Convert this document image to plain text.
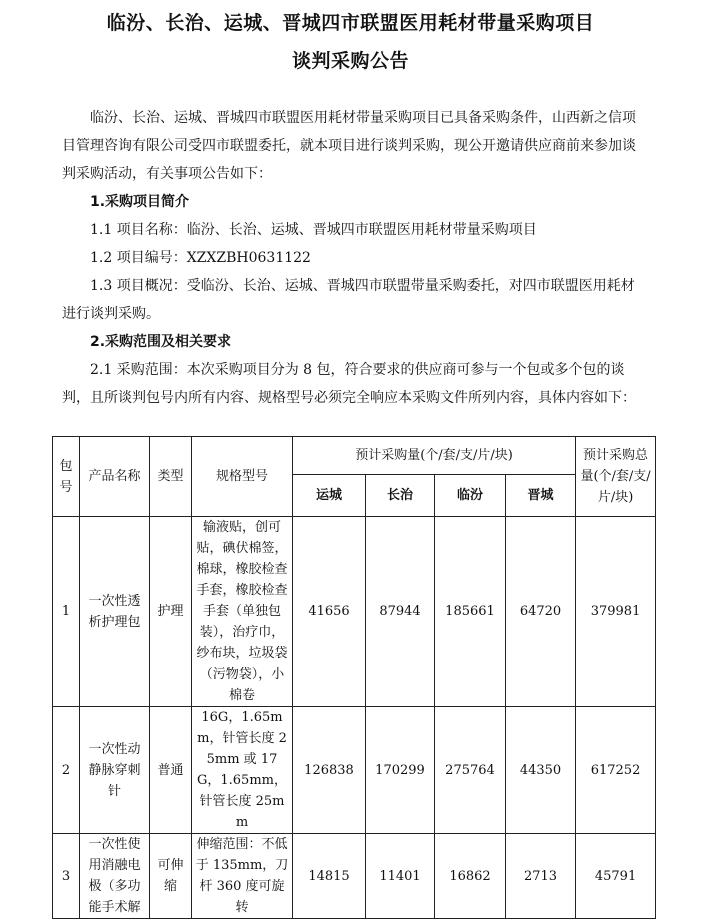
临汾、长治、运城、晋城四市联盟医用耗材带量采购项目
谈判采购公告
临汾、长治、运城、晋城四市联盟医用耗材带量采购项目已具备采购条件，山西新之信项目管理咨询有限公司受四市联盟委托，就本项目进行谈判采购，现公开邀请供应商前来参加谈判采购活动，有关事项公告如下：
1.采购项目简介
1.1 项目名称：临汾、长治、运城、晋城四市联盟医用耗材带量采购项目
1.2 项目编号：XZXZBH0631122
1.3 项目概况：受临汾、长治、运城、晋城四市联盟带量采购委托，对四市联盟医用耗材进行谈判采购。
2.采购范围及相关要求
2.1 采购范围：本次采购项目分为 8 包，符合要求的供应商可参与一个包或多个包的谈判，且所谈判包号内所有内容、规格型号必须完全响应本采购文件所列内容，具体内容如下：
包号	产品名称	类型	规格型号	预计采购量(个/套/支/片/块)				预计采购总量(个/套/支/片/块)
				运城	长治	临汾	晋城	
1	一次性透析护理包	护理	输液贴，创可贴，碘伏棉签，棉球，橡胶检查手套，橡胶检查手套（单独包装），治疗巾，纱布块，垃圾袋（污物袋），小棉卷	41656	87944	185661	64720	379981
2	一次性动静脉穿刺针	普通	16G，1.65mm，针管长度 25mm 或 17G，1.65mm，针管长度 25mm	126838	170299	275764	44350	617252
3	一次性使用消融电极（多功能手术解	可伸缩	伸缩范围：不低于 135mm，刀杆 360 度可旋转	14815	11401	16862	2713	45791
